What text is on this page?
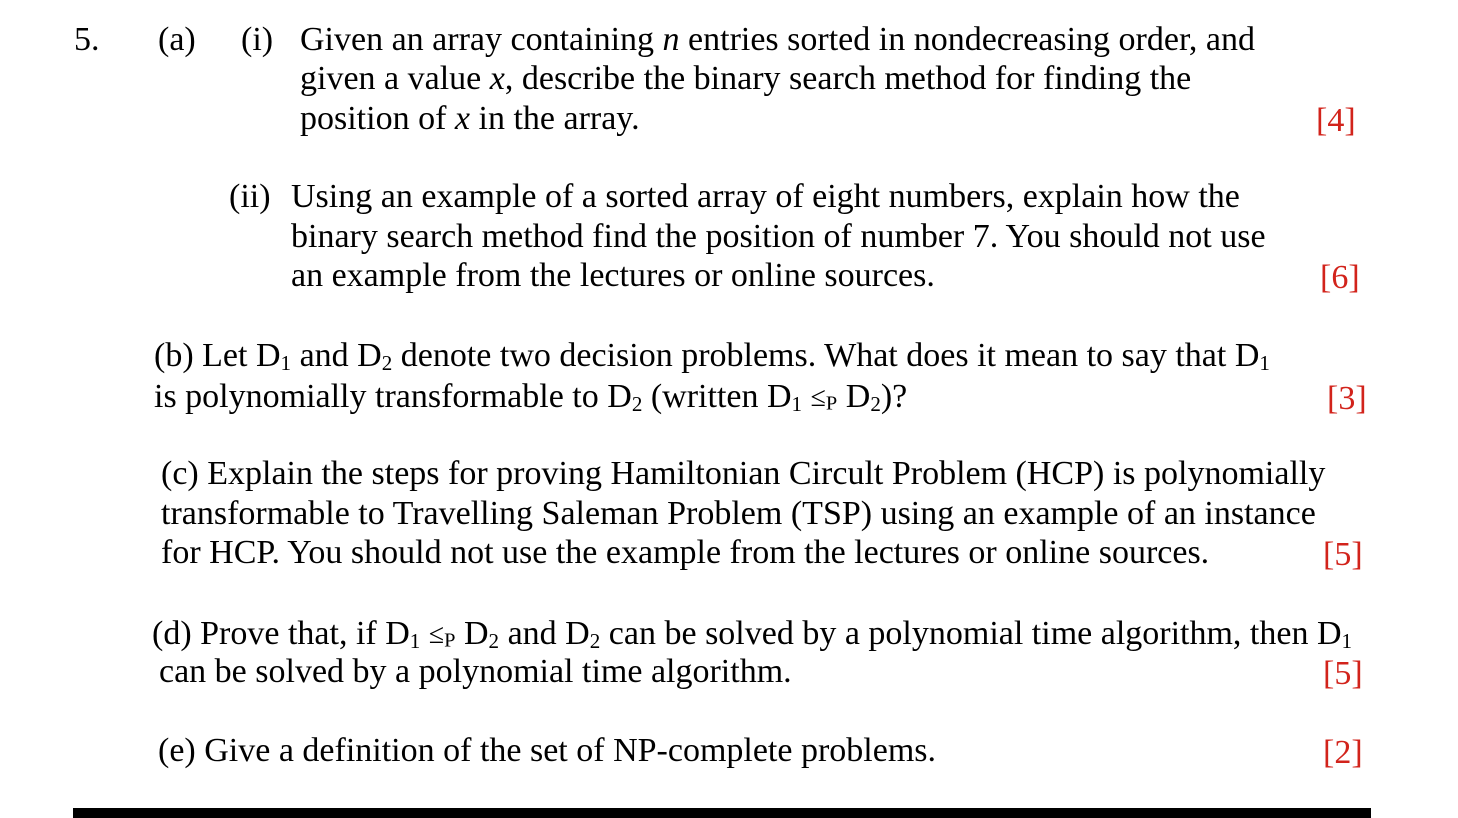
5. (a) (i) Given an array containing n entries sorted in nondecreasing order, and
given a value x, describe the binary search method for finding the
position of x in the array.	[4]
(ii) Using an example of a sorted array of eight numbers, explain how the
binary search method find the position of number 7. You should not use
an example from the lectures or online sources.	[6]
(b) Let D1 and D2 denote two decision problems. What does it mean to say that D1
is polynomially transformable to D2 (written D1 ≤P D2)?	[3]
(c) Explain the steps for proving Hamiltonian Circult Problem (HCP) is polynomially
transformable to Travelling Saleman Problem (TSP) using an example of an instance
for HCP. You should not use the example from the lectures or online sources.	[5]
(d) Prove that, if D1 ≤P D2 and D2 can be solved by a polynomial time algorithm, then D1
can be solved by a polynomial time algorithm.	[5]
(e) Give a definition of the set of NP-complete problems.	[2]
